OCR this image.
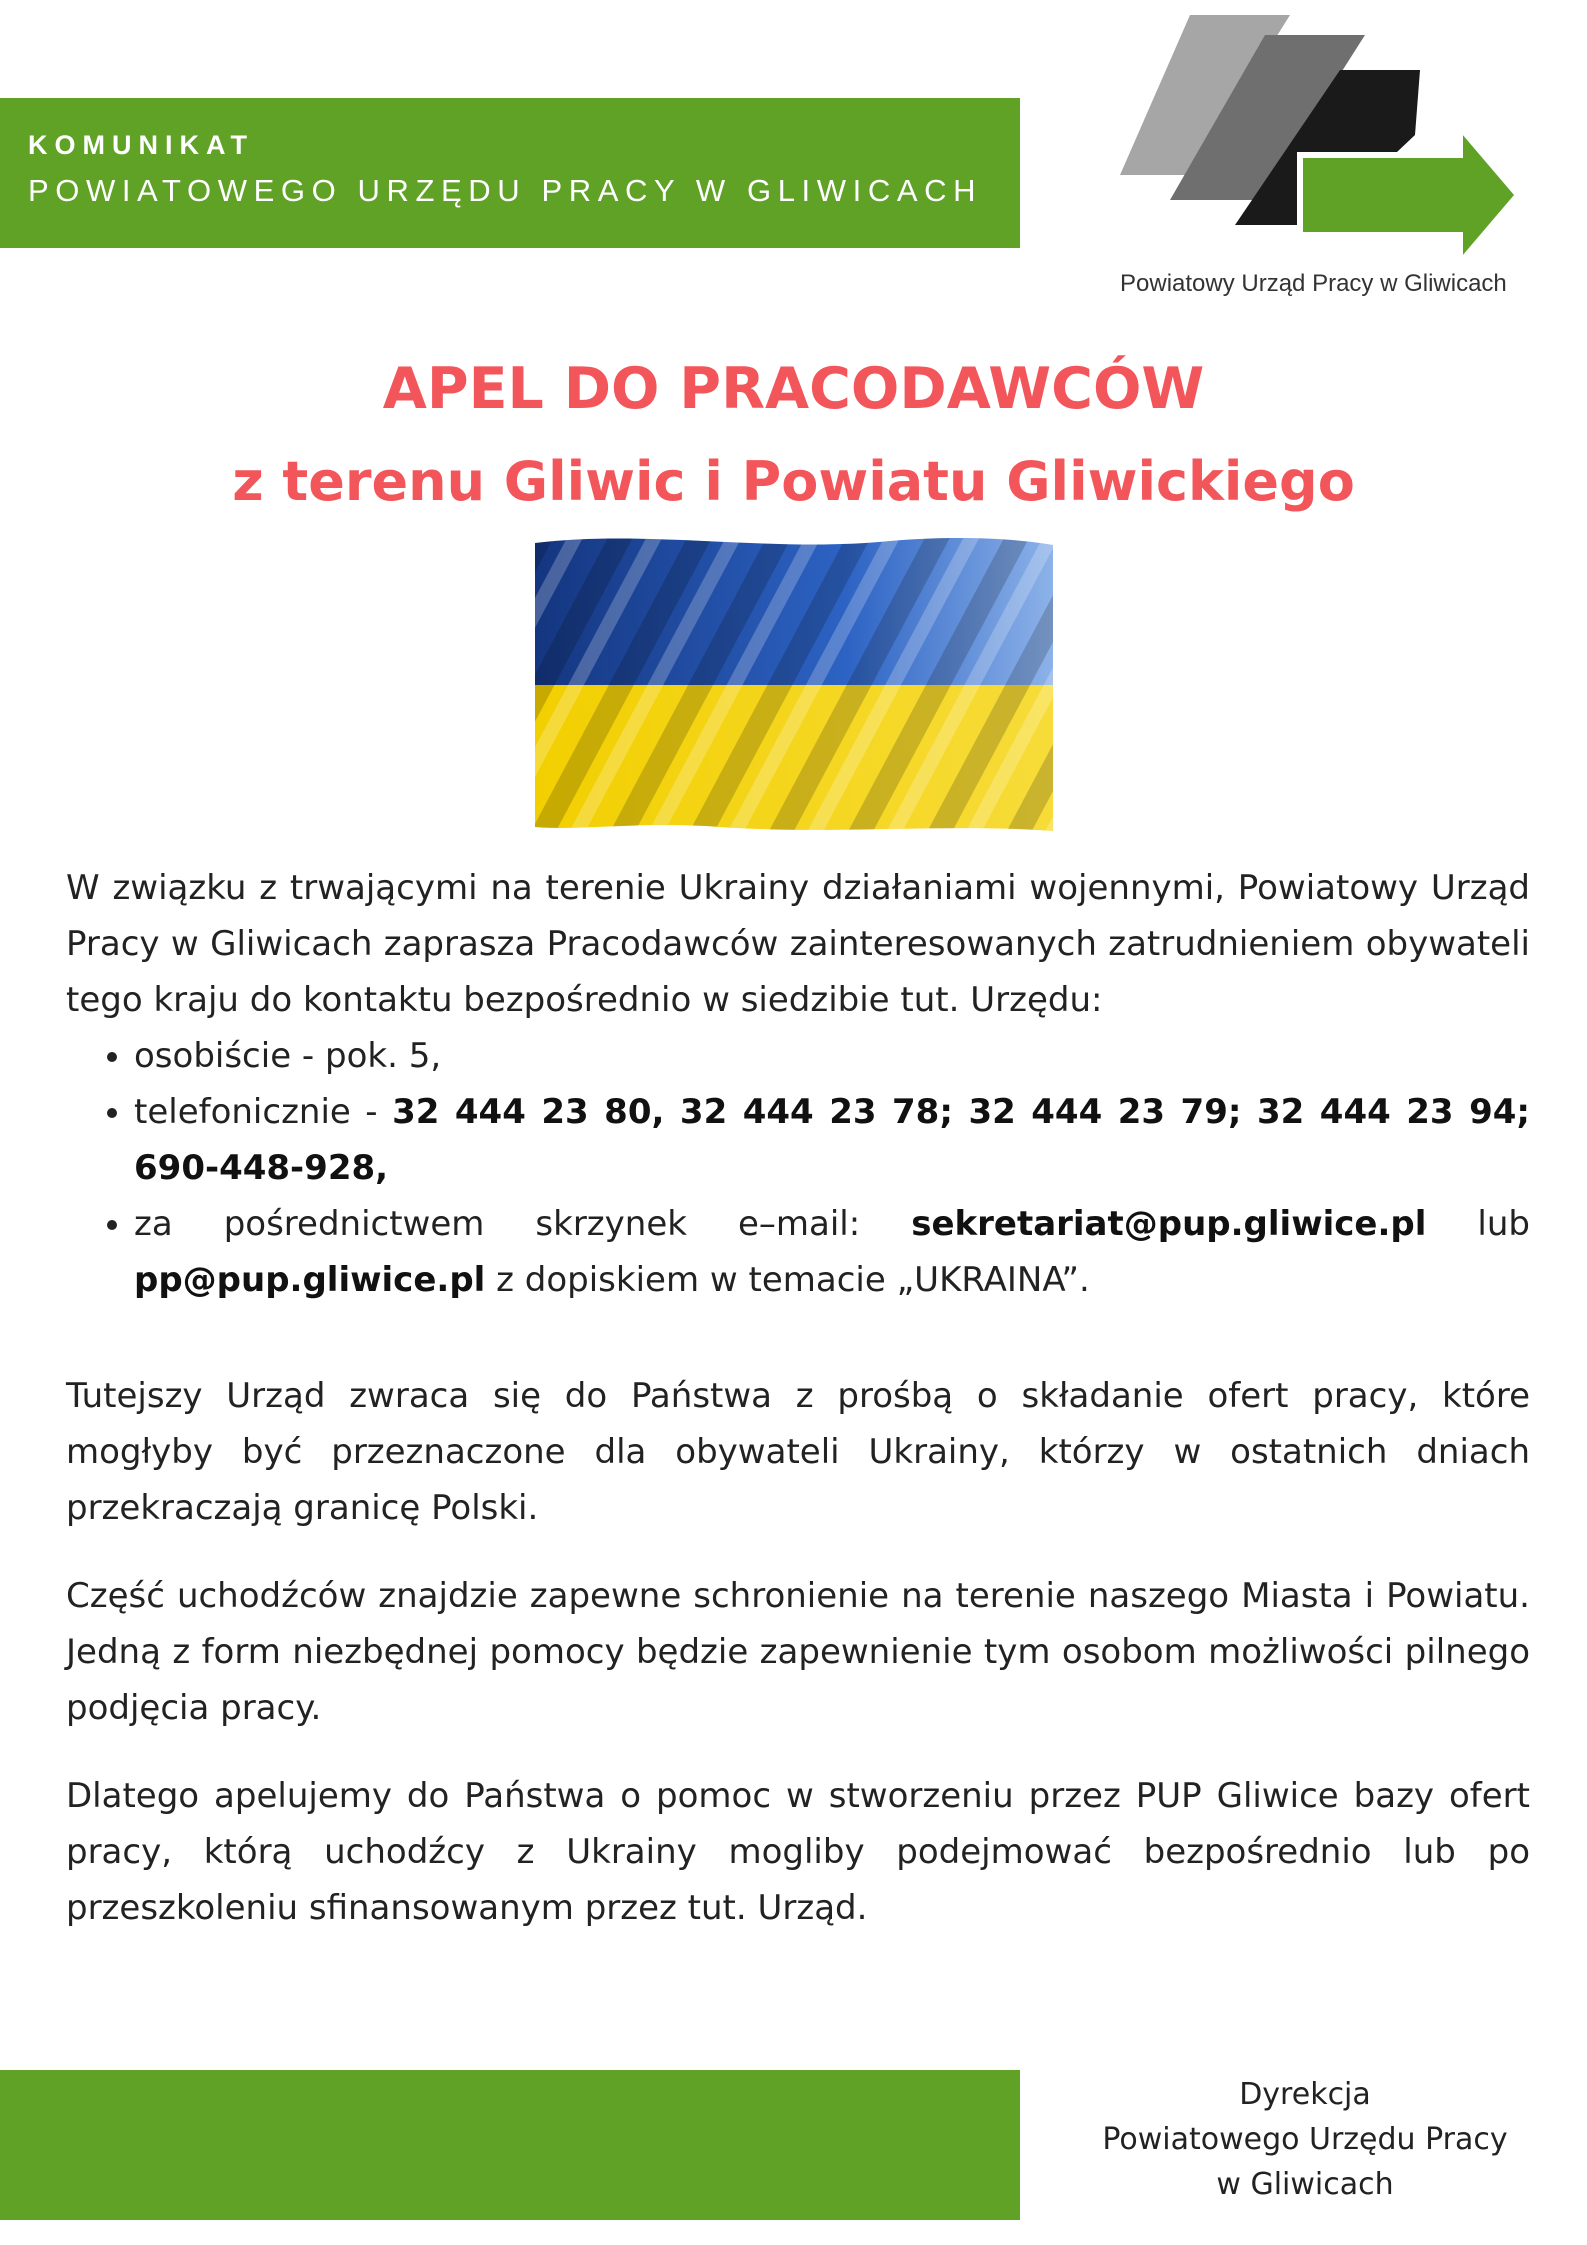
KOMUNIKAT
POWIATOWEGO URZĘDU PRACY W GLIWICACH
Powiatowy Urząd Pracy w Gliwicach
APEL DO PRACODAWCÓW
z terenu Gliwic i Powiatu Gliwickiego

W związku z trwającymi na terenie Ukrainy działaniami wojennymi, Powiatowy Urząd Pracy w Gliwicach zaprasza Pracodawców zainteresowanych zatrudnieniem obywateli tego kraju do kontaktu bezpośrednio w siedzibie tut. Urzędu:

• osobiście - pok. 5,
• telefonicznie - 32 444 23 80, 32 444 23 78; 32 444 23 79; 32 444 23 94; 690-448-928,
• za pośrednictwem skrzynek e–mail: sekretariat@pup.gliwice.pl lub pp@pup.gliwice.pl z dopiskiem w temacie „UKRAINA”.

Tutejszy Urząd zwraca się do Państwa z prośbą o składanie ofert pracy, które mogłyby być przeznaczone dla obywateli Ukrainy, którzy w ostatnich dniach przekraczają granicę Polski.

Część uchodźców znajdzie zapewne schronienie na terenie naszego Miasta i Powiatu. Jedną z form niezbędnej pomocy będzie zapewnienie tym osobom możliwości pilnego podjęcia pracy.

Dlatego apelujemy do Państwa o pomoc w stworzeniu przez PUP Gliwice bazy ofert pracy, którą uchodźcy z Ukrainy mogliby podejmować bezpośrednio lub po przeszkoleniu sfinansowanym przez tut. Urząd.

Dyrekcja
Powiatowego Urzędu Pracy
w Gliwicach
